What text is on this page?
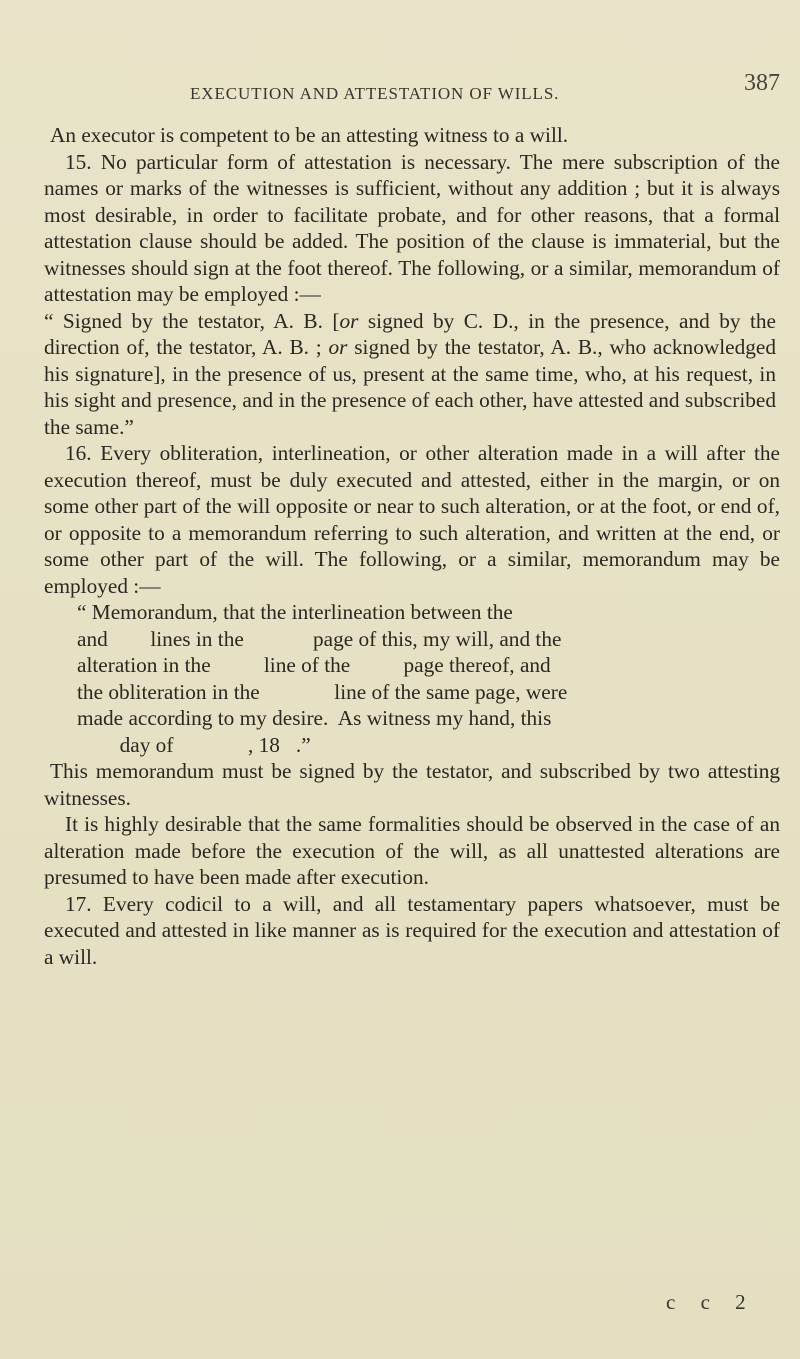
EXECUTION AND ATTESTATION OF WILLS.	387

An executor is competent to be an attesting witness to a will.

15. No particular form of attestation is necessary. The mere subscription of the names or marks of the witnesses is sufficient, without any addition ; but it is always most desirable, in order to facilitate probate, and for other reasons, that a formal attestation clause should be added. The position of the clause is immaterial, but the witnesses should sign at the foot thereof. The following, or a similar, memorandum of attestation may be employed :—

“ Signed by the testator, A. B. [or signed by C. D., in the presence, and by the direction of, the testator, A. B. ; or signed by the testator, A. B., who acknowledged his signature], in the presence of us, present at the same time, who, at his request, in his sight and presence, and in the presence of each other, have attested and subscribed the same.”

16. Every obliteration, interlineation, or other alteration made in a will after the execution thereof, must be duly executed and attested, either in the margin, or on some other part of the will opposite or near to such alteration, or at the foot, or end of, or opposite to a memorandum referring to such alteration, and written at the end, or some other part of the will. The following, or a similar, memorandum may be employed :—

“ Memorandum, that the interlineation between the
and        lines in the             page of this, my will, and the
alteration in the          line of the          page thereof, and
the obliteration in the              line of the same page, were
made according to my desire.  As witness my hand, this
day of              , 18   .”

This memorandum must be signed by the testator, and subscribed by two attesting witnesses.

It is highly desirable that the same formalities should be observed in the case of an alteration made before the execution of the will, as all unattested alterations are presumed to have been made after execution.

17. Every codicil to a will, and all testamentary papers whatsoever, must be executed and attested in like manner as is required for the execution and attestation of a will.

c c 2
